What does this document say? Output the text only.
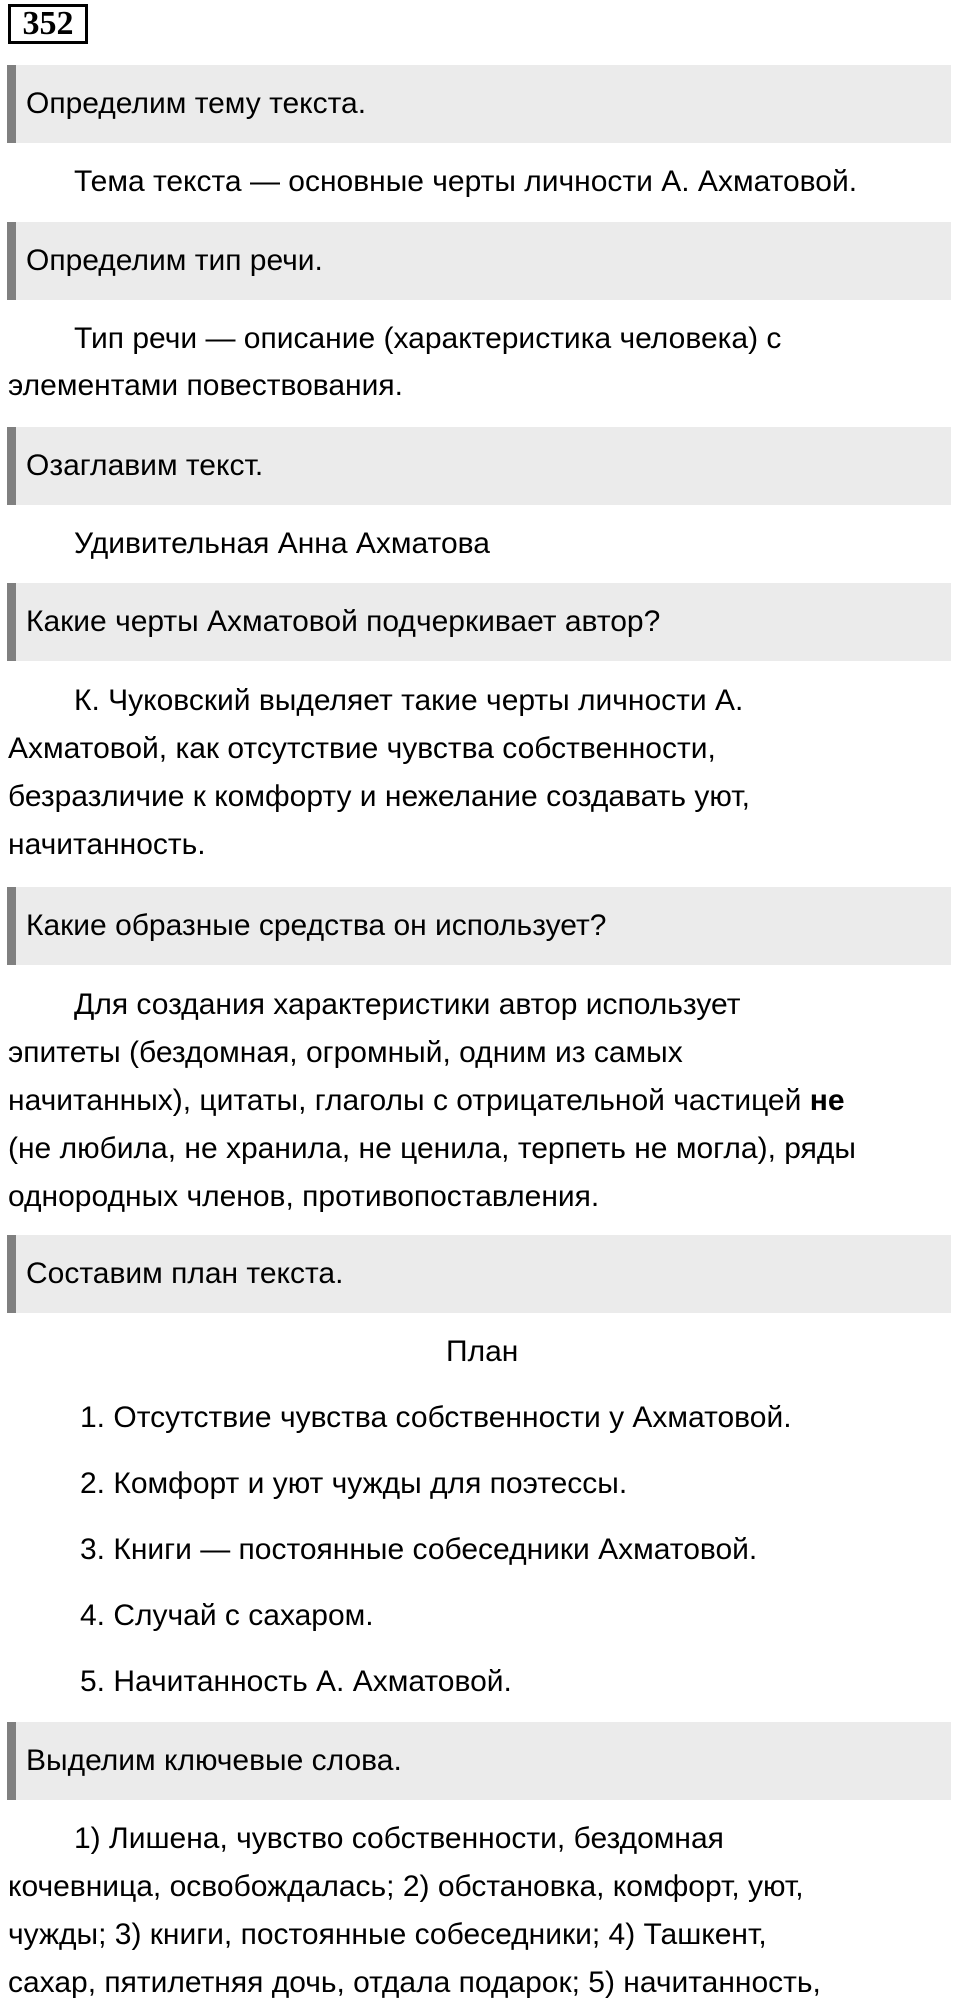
352
Определим тему текста.
Тема текста — основные черты личности А. Ахматовой.
Определим тип речи.
Тип речи — описание (характеристика человека) с
элементами повествования.
Озаглавим текст.
Удивительная Анна Ахматова
Какие черты Ахматовой подчеркивает автор?
К. Чуковский выделяет такие черты личности А.
Ахматовой, как отсутствие чувства собственности,
безразличие к комфорту и нежелание создавать уют,
начитанность.
Какие образные средства он использует?
Для создания характеристики автор использует
эпитеты (бездомная, огромный, одним из самых
начитанных), цитаты, глаголы с отрицательной частицей не
(не любила, не хранила, не ценила, терпеть не могла), ряды
однородных членов, противопоставления.
Составим план текста.
План
1. Отсутствие чувства собственности у Ахматовой.
2. Комфорт и уют чужды для поэтессы.
3. Книги — постоянные собеседники Ахматовой.
4. Случай с сахаром.
5. Начитанность А. Ахматовой.
Выделим ключевые слова.
1) Лишена, чувство собственности, бездомная
кочевница, освобождалась; 2) обстановка, комфорт, уют,
чужды; 3) книги, постоянные собеседники; 4) Ташкент,
сахар, пятилетняя дочь, отдала подарок; 5) начитанность,
